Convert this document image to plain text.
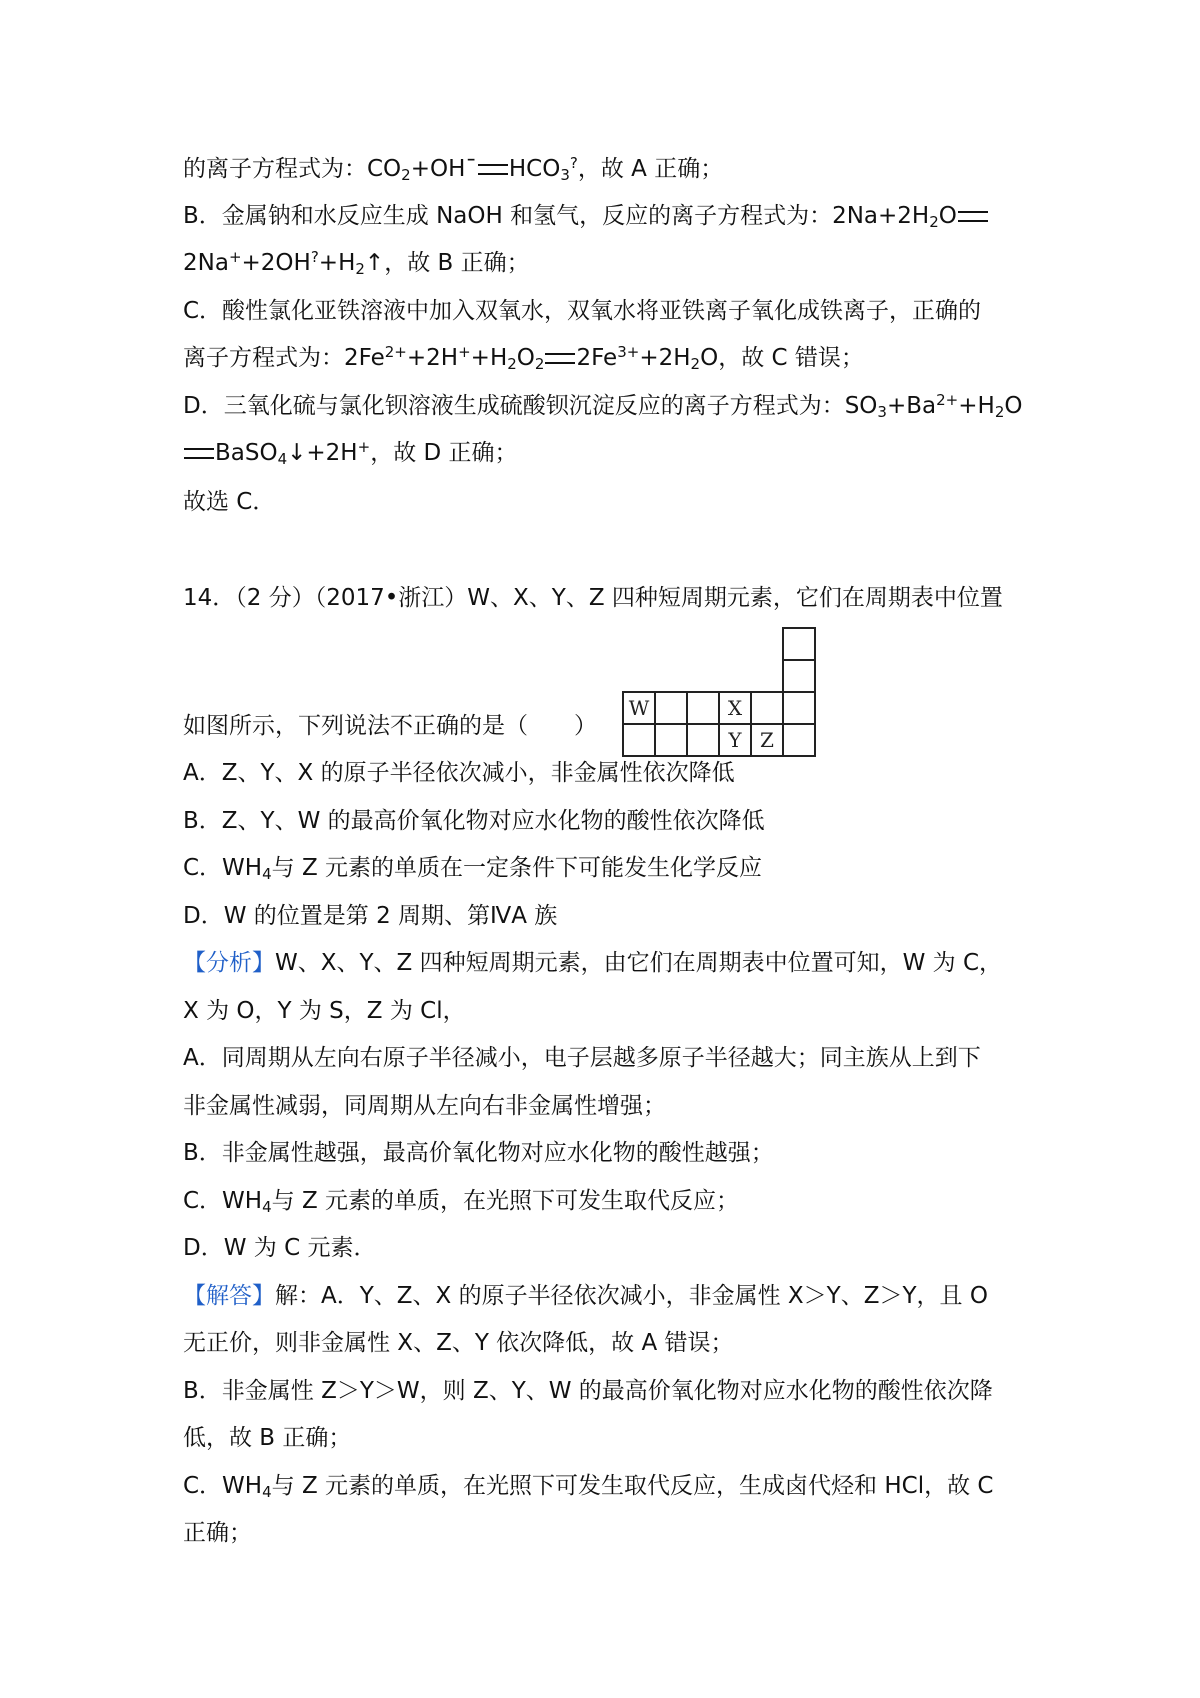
的离子方程式为：$CO_2+OH¯$ $HCO_3^?$，故 A 正确；
B．金属钠和水反应生成 NaOH 和氢气，反应的离子方程式为：$2Na+2H_2O$
$2Na^++2OH^?+H_2↑$，故 B 正确；
C．酸性氯化亚铁溶液中加入双氧水，双氧水将亚铁离子氧化成铁离子，正确的
离子方程式为：$2Fe^{2+}+2H^++H_2O_2$ $2Fe^{3+}+2H_2O$，故 C 错误；
D．三氧化硫与氯化钡溶液生成硫酸钡沉淀反应的离子方程式为：$SO_3+Ba^{2+}+H_2O$
BaSO$_4$↓+2H+，故 D 正确；
故选 C．
14．（2 分）（2017•浙江）W、X、Y、Z 四种短周期元素，它们在周期表中位置
W	X
Y Z
如图所示，下列说法不正确的是（　　）
A．Z、Y、X 的原子半径依次减小，非金属性依次降低
B．Z、Y、W 的最高价氧化物对应水化物的酸性依次降低
C．$WH_4$与 Z 元素的单质在一定条件下可能发生化学反应
D．W 的位置是第 2 周期、第ⅣA 族
【分析】W、X、Y、Z 四种短周期元素，由它们在周期表中位置可知，W 为 C，
X 为 O，Y 为 S，Z 为 Cl，
A．同周期从左向右原子半径减小，电子层越多原子半径越大；同主族从上到下
非金属性减弱，同周期从左向右非金属性增强；
B．非金属性越强，最高价氧化物对应水化物的酸性越强；
C．$WH_4$与 Z 元素的单质，在光照下可发生取代反应；
D．W 为 C 元素．
【解答】解：A．Y、Z、X 的原子半径依次减小，非金属性 X＞Y、Z＞Y，且 O
无正价，则非金属性 X、Z、Y 依次降低，故 A 错误；
B．非金属性 Z＞Y＞W，则 Z、Y、W 的最高价氧化物对应水化物的酸性依次降
低，故 B 正确；
C．$WH_4$与 Z 元素的单质，在光照下可发生取代反应，生成卤代烃和 HCl，故 C
正确；
